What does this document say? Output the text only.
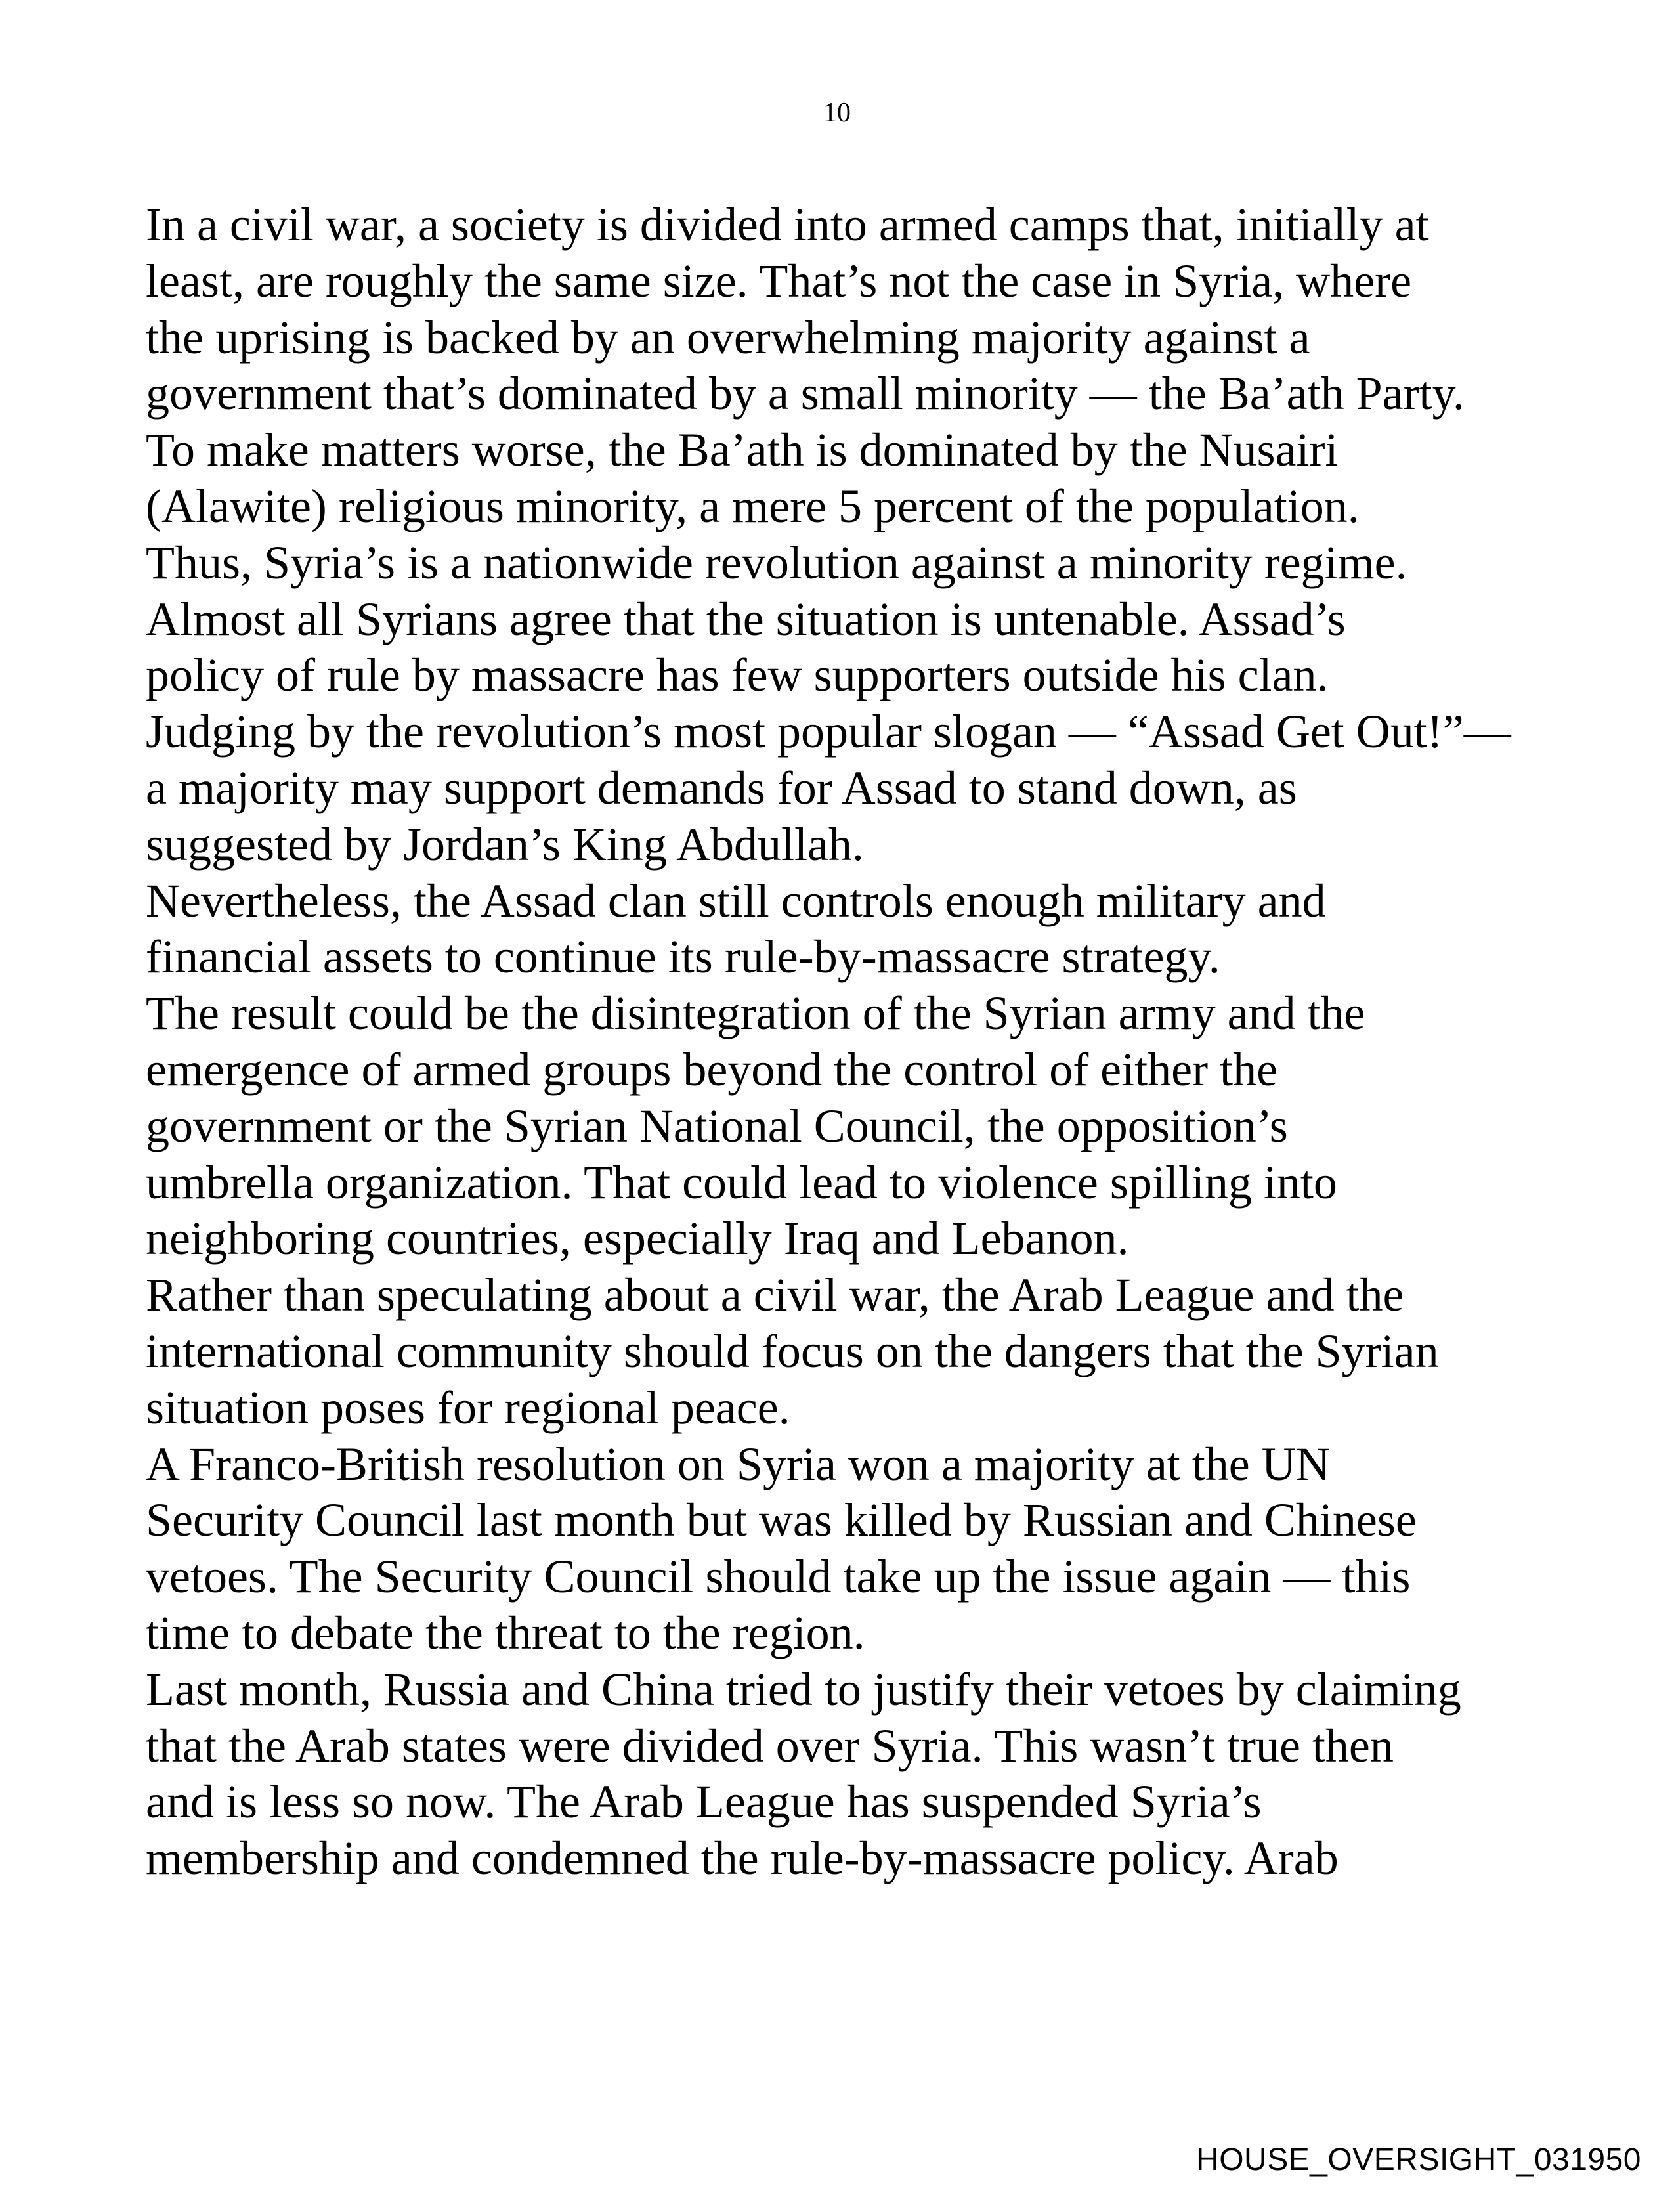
10
In a civil war, a society is divided into armed camps that, initially at
least, are roughly the same size. That’s not the case in Syria, where
the uprising is backed by an overwhelming majority against a
government that’s dominated by a small minority — the Ba’ath Party.
To make matters worse, the Ba’ath is dominated by the Nusairi
(Alawite) religious minority, a mere 5 percent of the population.
Thus, Syria’s is a nationwide revolution against a minority regime.
Almost all Syrians agree that the situation is untenable. Assad’s
policy of rule by massacre has few supporters outside his clan.
Judging by the revolution’s most popular slogan — “Assad Get Out!”—
a majority may support demands for Assad to stand down, as
suggested by Jordan’s King Abdullah.
Nevertheless, the Assad clan still controls enough military and
financial assets to continue its rule-by-massacre strategy.
The result could be the disintegration of the Syrian army and the
emergence of armed groups beyond the control of either the
government or the Syrian National Council, the opposition’s
umbrella organization. That could lead to violence spilling into
neighboring countries, especially Iraq and Lebanon.
Rather than speculating about a civil war, the Arab League and the
international community should focus on the dangers that the Syrian
situation poses for regional peace.
A Franco-British resolution on Syria won a majority at the UN
Security Council last month but was killed by Russian and Chinese
vetoes. The Security Council should take up the issue again — this
time to debate the threat to the region.
Last month, Russia and China tried to justify their vetoes by claiming
that the Arab states were divided over Syria. This wasn’t true then
and is less so now. The Arab League has suspended Syria’s
membership and condemned the rule-by-massacre policy. Arab
HOUSE_OVERSIGHT_031950
